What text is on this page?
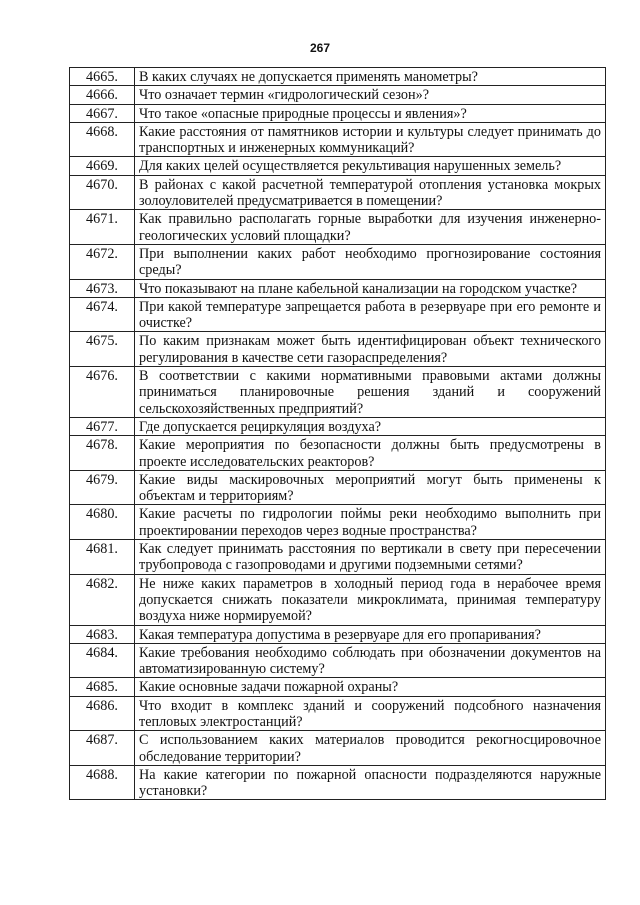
267
4665.	В каких случаях не допускается применять манометры?
4666.	Что означает термин «гидрологический сезон»?
4667.	Что такое «опасные природные процессы и явления»?
4668.	Какие расстояния от памятников истории и культуры следует принимать до транспортных и инженерных коммуникаций?
4669.	Для каких целей осуществляется рекультивация нарушенных земель?
4670.	В районах с какой расчетной температурой отопления установка мокрых золоуловителей предусматривается в помещении?
4671.	Как правильно располагать горные выработки для изучения инженерно-геологических условий площадки?
4672.	При выполнении каких работ необходимо прогнозирование состояния среды?
4673.	Что показывают на плане кабельной канализации на городском участке?
4674.	При какой температуре запрещается работа в резервуаре при его ремонте и очистке?
4675.	По каким признакам может быть идентифицирован объект технического регулирования в качестве сети газораспределения?
4676.	В соответствии с какими нормативными правовыми актами должны приниматься планировочные решения зданий и сооружений сельскохозяйственных предприятий?
4677.	Где допускается рециркуляция воздуха?
4678.	Какие мероприятия по безопасности должны быть предусмотрены в проекте исследовательских реакторов?
4679.	Какие виды маскировочных мероприятий могут быть применены к объектам и территориям?
4680.	Какие расчеты по гидрологии поймы реки необходимо выполнить при проектировании переходов через водные пространства?
4681.	Как следует принимать расстояния по вертикали в свету при пересечении трубопровода с газопроводами и другими подземными сетями?
4682.	Не ниже каких параметров в холодный период года в нерабочее время допускается снижать показатели микроклимата, принимая температуру воздуха ниже нормируемой?
4683.	Какая температура допустима в резервуаре для его пропаривания?
4684.	Какие требования необходимо соблюдать при обозначении документов на автоматизированную систему?
4685.	Какие основные задачи пожарной охраны?
4686.	Что входит в комплекс зданий и сооружений подсобного назначения тепловых электростанций?
4687.	С использованием каких материалов проводится рекогносцировочное обследование территории?
4688.	На какие категории по пожарной опасности подразделяются наружные установки?
